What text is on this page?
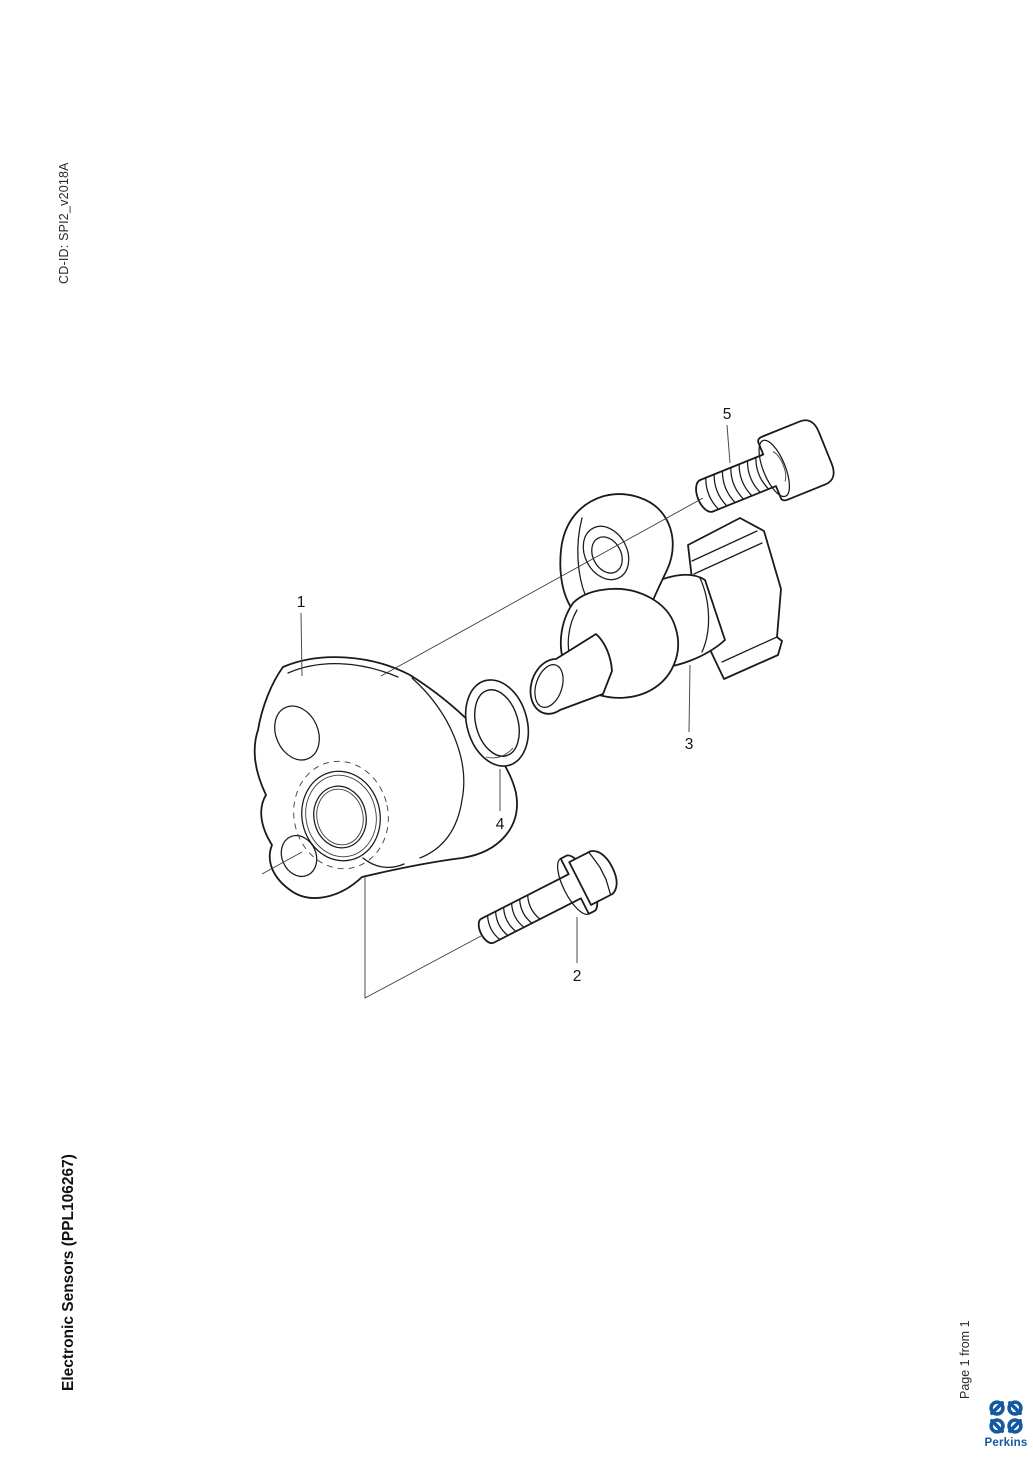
CD-ID: SPI2_v2018A
Electronic Sensors (PPL106267)	Page 1 from 1
1
2
3
4
5
Perkins
